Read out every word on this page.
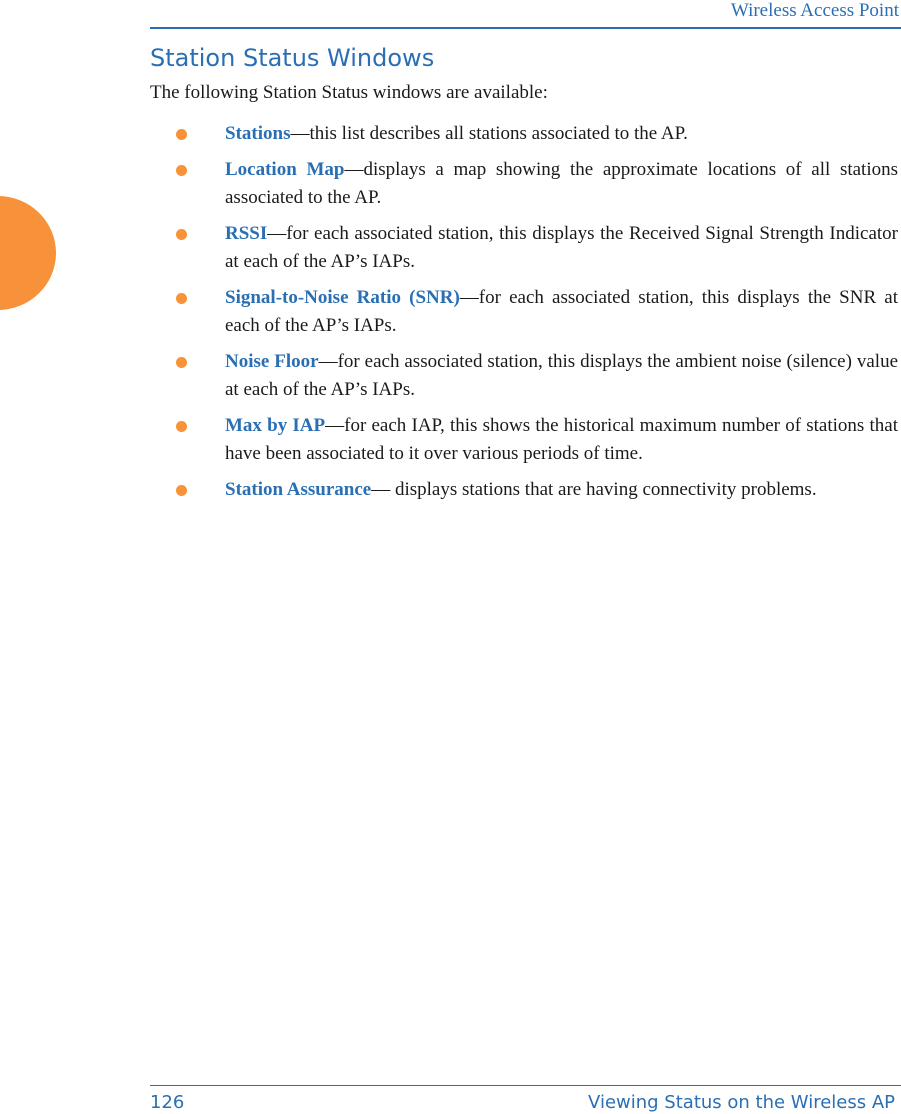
Wireless Access Point
Station Status Windows
The following Station Status windows are available:
Stations—this list describes all stations associated to the AP.
Location Map—displays a map showing the approximate locations of all stations associated to the AP.
RSSI—for each associated station, this displays the Received Signal Strength Indicator at each of the AP’s IAPs.
Signal-to-Noise Ratio (SNR)—for each associated station, this displays the SNR at each of the AP’s IAPs.
Noise Floor—for each associated station, this displays the ambient noise (silence) value at each of the AP’s IAPs.
Max by IAP—for each IAP, this shows the historical maximum number of stations that have been associated to it over various periods of time.
Station Assurance— displays stations that are having connectivity problems.
126	Viewing Status on the Wireless AP
